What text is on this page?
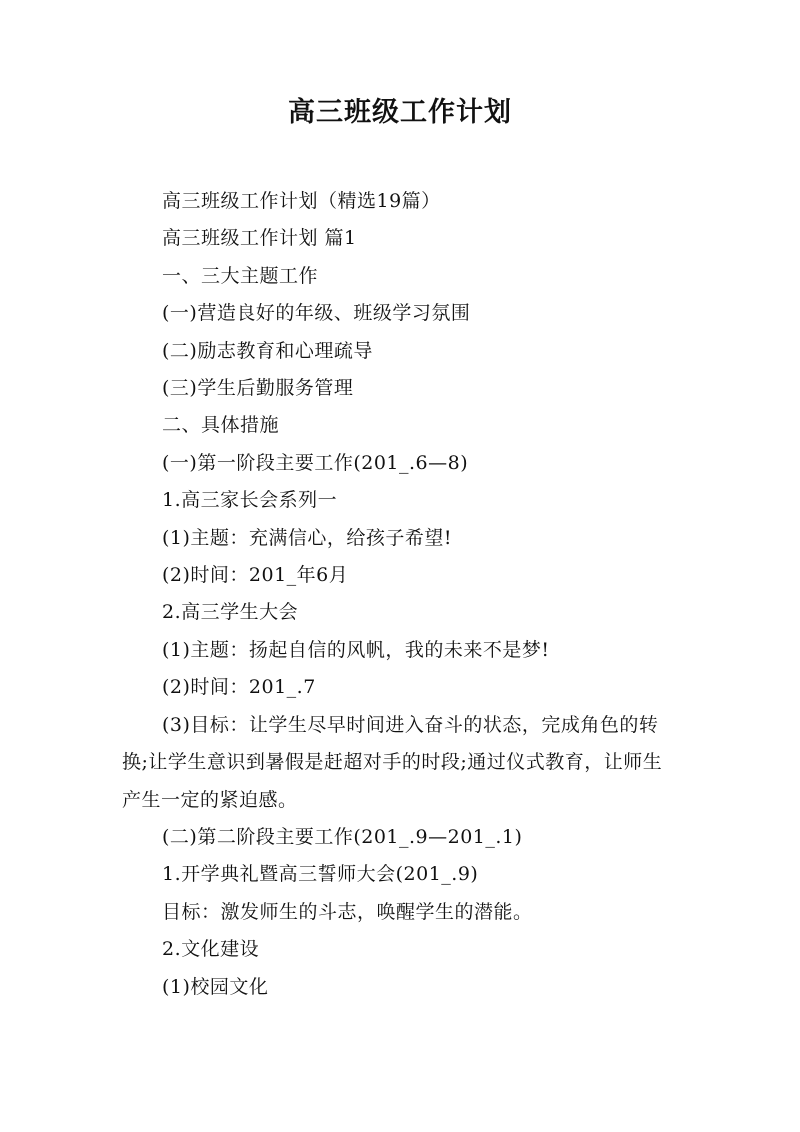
高三班级工作计划

高三班级工作计划（精选19篇）

高三班级工作计划 篇1

一、三大主题工作

(一)营造良好的年级、班级学习氛围

(二)励志教育和心理疏导

(三)学生后勤服务管理

二、具体措施

(一)第一阶段主要工作(201_.6—8)

1.高三家长会系列一

(1)主题：充满信心，给孩子希望!

(2)时间：201_年6月

2.高三学生大会

(1)主题：扬起自信的风帆，我的未来不是梦!

(2)时间：201_.7

(3)目标：让学生尽早时间进入奋斗的状态，完成角色的转换;让学生意识到暑假是赶超对手的时段;通过仪式教育，让师生产生一定的紧迫感。

(二)第二阶段主要工作(201_.9—201_.1)

1.开学典礼暨高三誓师大会(201_.9)

目标：激发师生的斗志，唤醒学生的潜能。

2.文化建设

(1)校园文化
